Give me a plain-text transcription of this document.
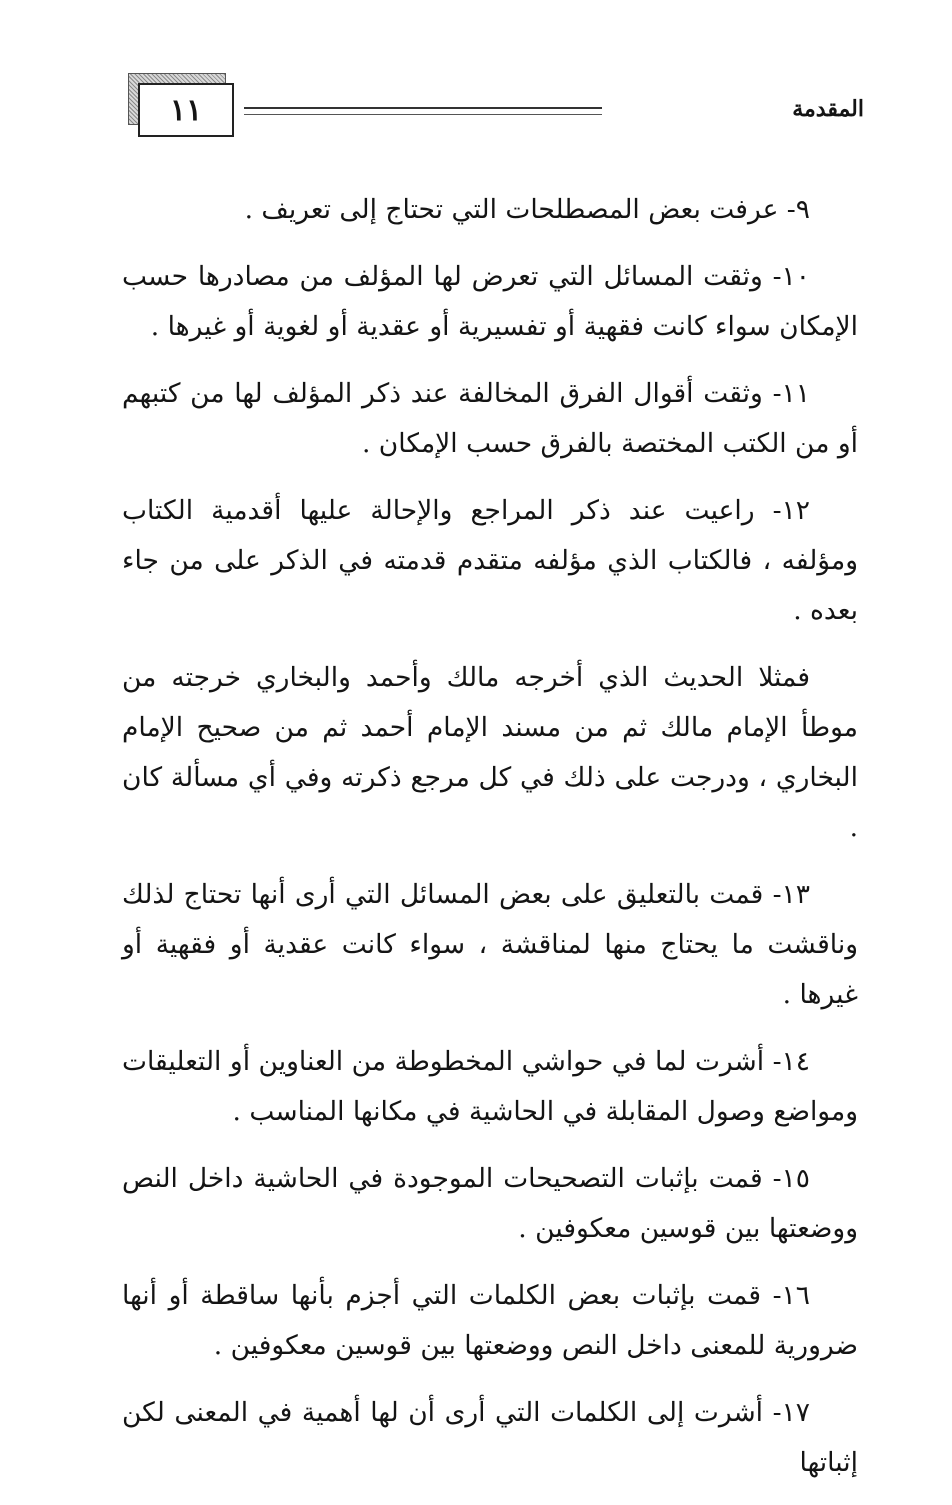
١١	المقدمة

٩- عرفت بعض المصطلحات التي تحتاج إلى تعريف .

١٠- وثقت المسائل التي تعرض لها المؤلف من مصادرها حسب الإمكان سواء كانت فقهية أو تفسيرية أو عقدية أو لغوية أو غيرها .

١١- وثقت أقوال الفرق المخالفة عند ذكر المؤلف لها من كتبهم أو من الكتب المختصة بالفرق حسب الإمكان .

١٢- راعيت عند ذكر المراجع والإحالة عليها أقدمية الكتاب ومؤلفه ، فالكتاب الذي مؤلفه متقدم قدمته في الذكر على من جاء بعده .

فمثلا الحديث الذي أخرجه مالك وأحمد والبخاري خرجته من موطأ الإمام مالك ثم من مسند الإمام أحمد ثم من صحيح الإمام البخاري ، ودرجت على ذلك في كل مرجع ذكرته وفي أي مسألة كان .

١٣- قمت بالتعليق على بعض المسائل التي أرى أنها تحتاج لذلك وناقشت ما يحتاج منها لمناقشة ، سواء كانت عقدية أو فقهية أو غيرها .

١٤- أشرت لما في حواشي المخطوطة من العناوين أو التعليقات ومواضع وصول المقابلة في الحاشية في مكانها المناسب .

١٥- قمت بإثبات التصحيحات الموجودة في الحاشية داخل النص ووضعتها بين قوسين معكوفين .

١٦- قمت بإثبات بعض الكلمات التي أجزم بأنها ساقطة أو أنها ضرورية للمعنى داخل النص ووضعتها بين قوسين معكوفين .

١٧- أشرت إلى الكلمات التي أرى أن لها أهمية في المعنى لكن إثباتها
